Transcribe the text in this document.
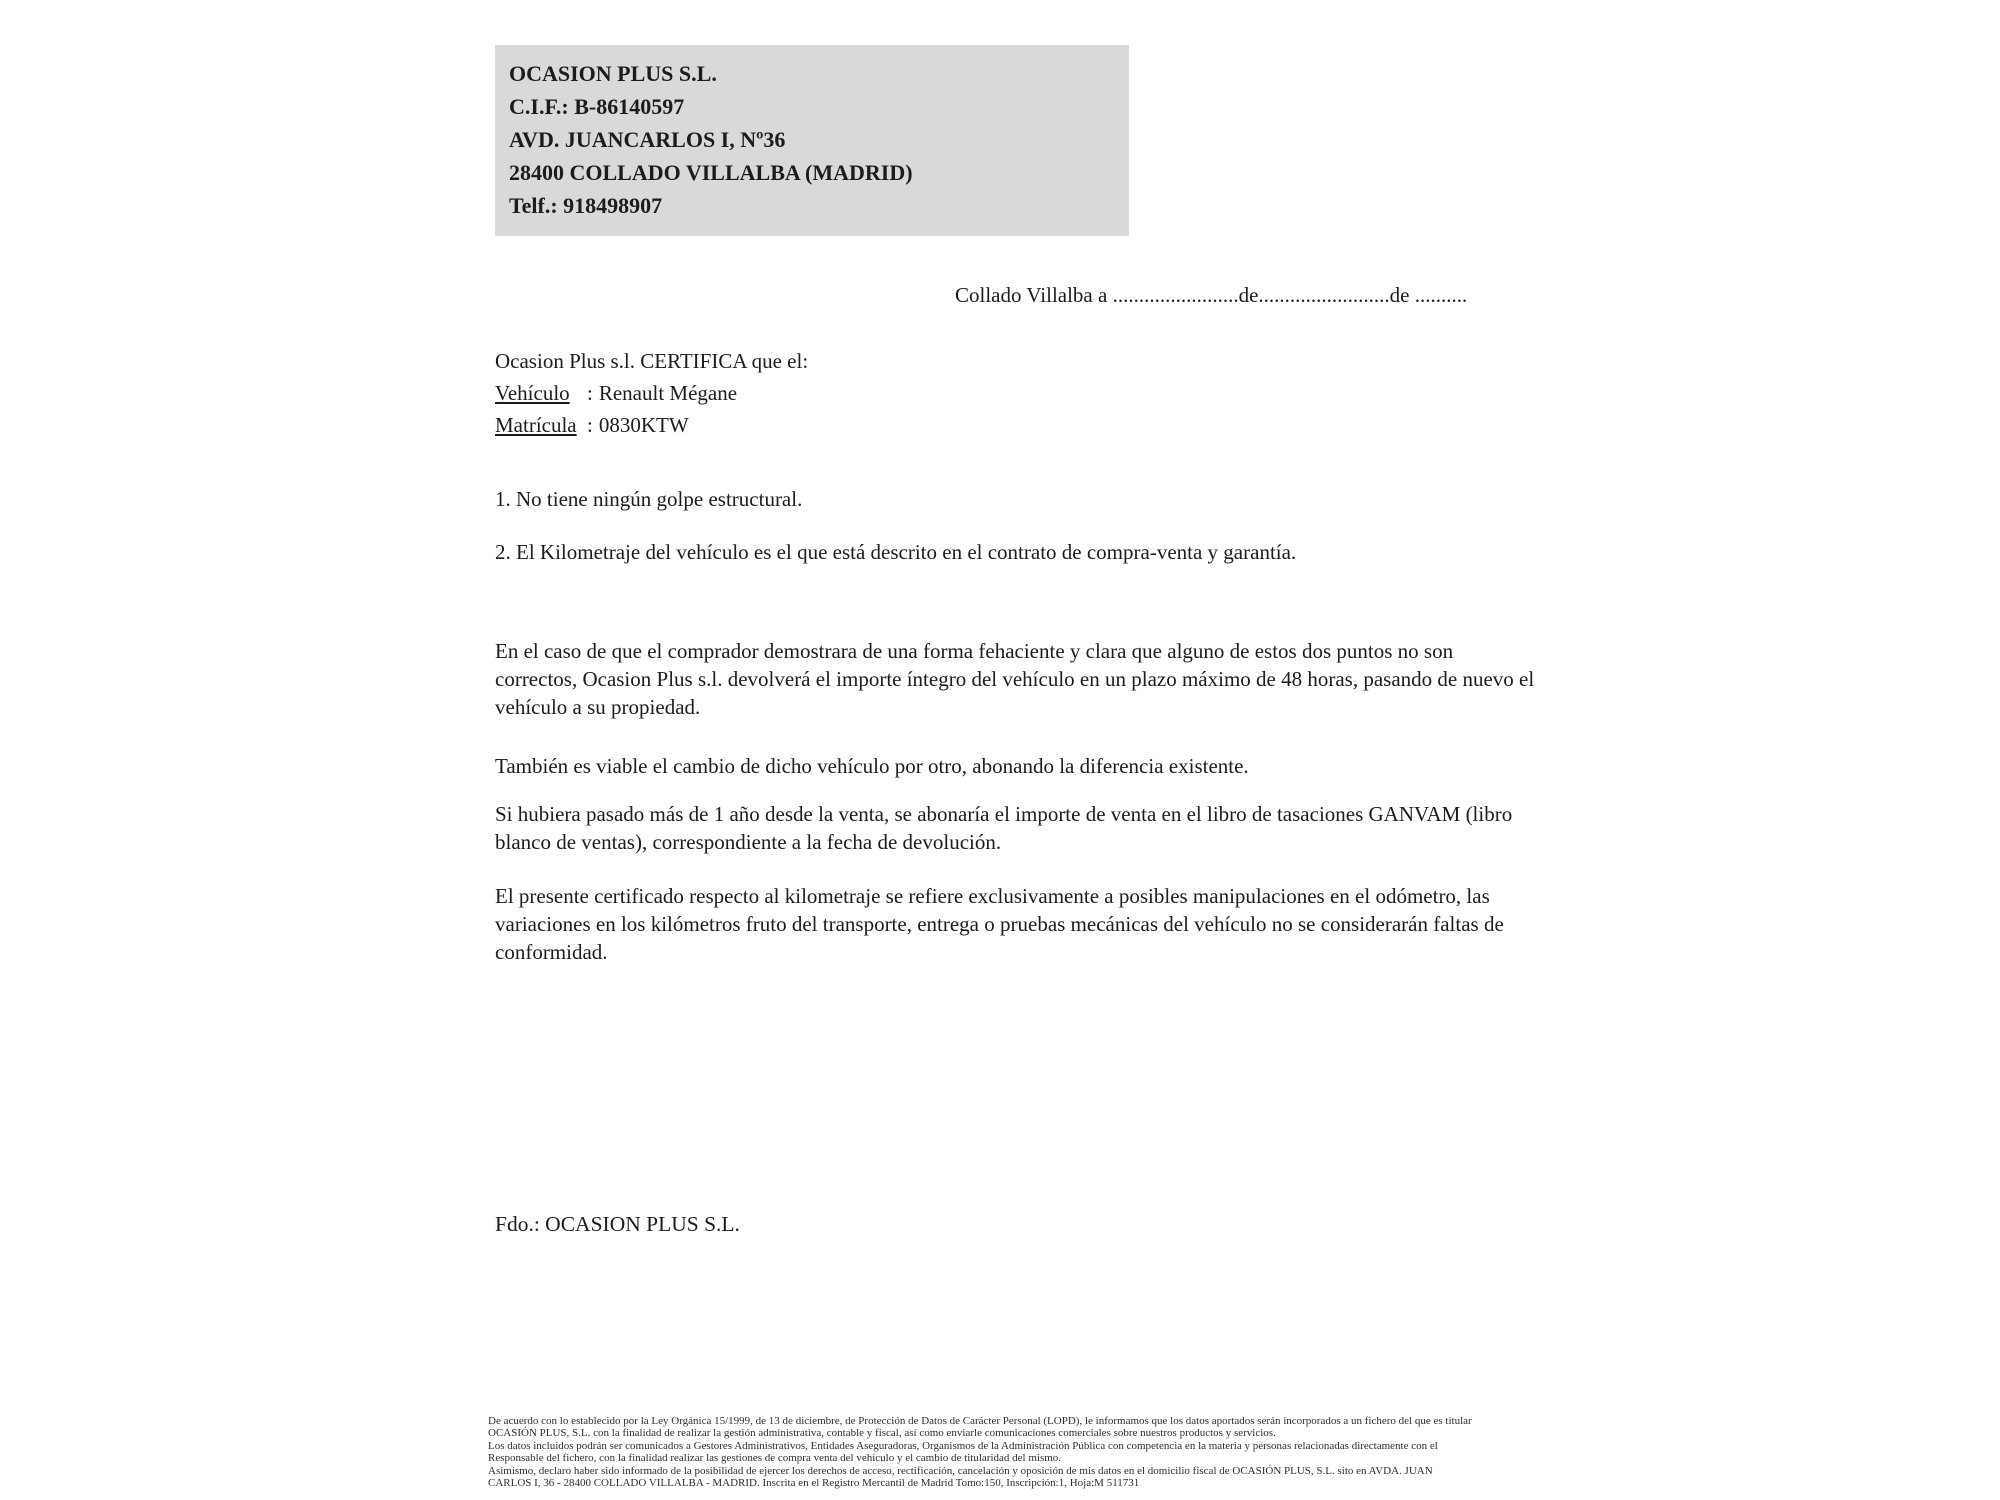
OCASION PLUS S.L.
C.I.F.: B-86140597
AVD. JUANCARLOS I, Nº36
28400 COLLADO VILLALBA (MADRID)
Telf.: 918498907
Collado Villalba a ........................de.........................de ..........
Ocasion Plus s.l. CERTIFICA que el:
Vehículo : Renault Mégane
Matrícula : 0830KTW
1. No tiene ningún golpe estructural.
2. El Kilometraje del vehículo es el que está descrito en el contrato de compra-venta y garantía.
En el caso de que el comprador demostrara de una forma fehaciente y clara que alguno de estos dos puntos no son correctos, Ocasion Plus s.l. devolverá el importe íntegro del vehículo en un plazo máximo de 48 horas, pasando de nuevo el vehículo a su propiedad.
También es viable el cambio de dicho vehículo por otro, abonando la diferencia existente.
Si hubiera pasado más de 1 año desde la venta, se abonaría el importe de venta en el libro de tasaciones GANVAM (libro blanco de ventas), correspondiente a la fecha de devolución.
El presente certificado respecto al kilometraje se refiere exclusivamente a posibles manipulaciones en el odómetro, las variaciones en los kilómetros fruto del transporte, entrega o pruebas mecánicas del vehículo no se considerarán faltas de conformidad.
Fdo.: OCASION PLUS S.L.
De acuerdo con lo establecido por la Ley Orgánica 15/1999, de 13 de diciembre, de Protección de Datos de Carácter Personal (LOPD), le informamos que los datos aportados serán incorporados a un fichero del que es titular
OCASIÓN PLUS, S.L. con la finalidad de realizar la gestión administrativa, contable y fiscal, así como enviarle comunicaciones comerciales sobre nuestros productos y servicios.
Los datos incluidos podrán ser comunicados a Gestores Administrativos, Entidades Aseguradoras, Organismos de la Administración Pública con competencia en la materia y personas relacionadas directamente con el
Responsable del fichero, con la finalidad realizar las gestiones de compra venta del vehículo y el cambio de titularidad del mismo.
Asimismo, declaro haber sido informado de la posibilidad de ejercer los derechos de acceso, rectificación, cancelación y oposición de mis datos en el domicilio fiscal de OCASIÓN PLUS, S.L. sito en AVDA. JUAN
CARLOS I, 36 - 28400 COLLADO VILLALBA - MADRID. Inscrita en el Registro Mercantil de Madrid Tomo:150, Inscripción:1, Hoja:M 511731
